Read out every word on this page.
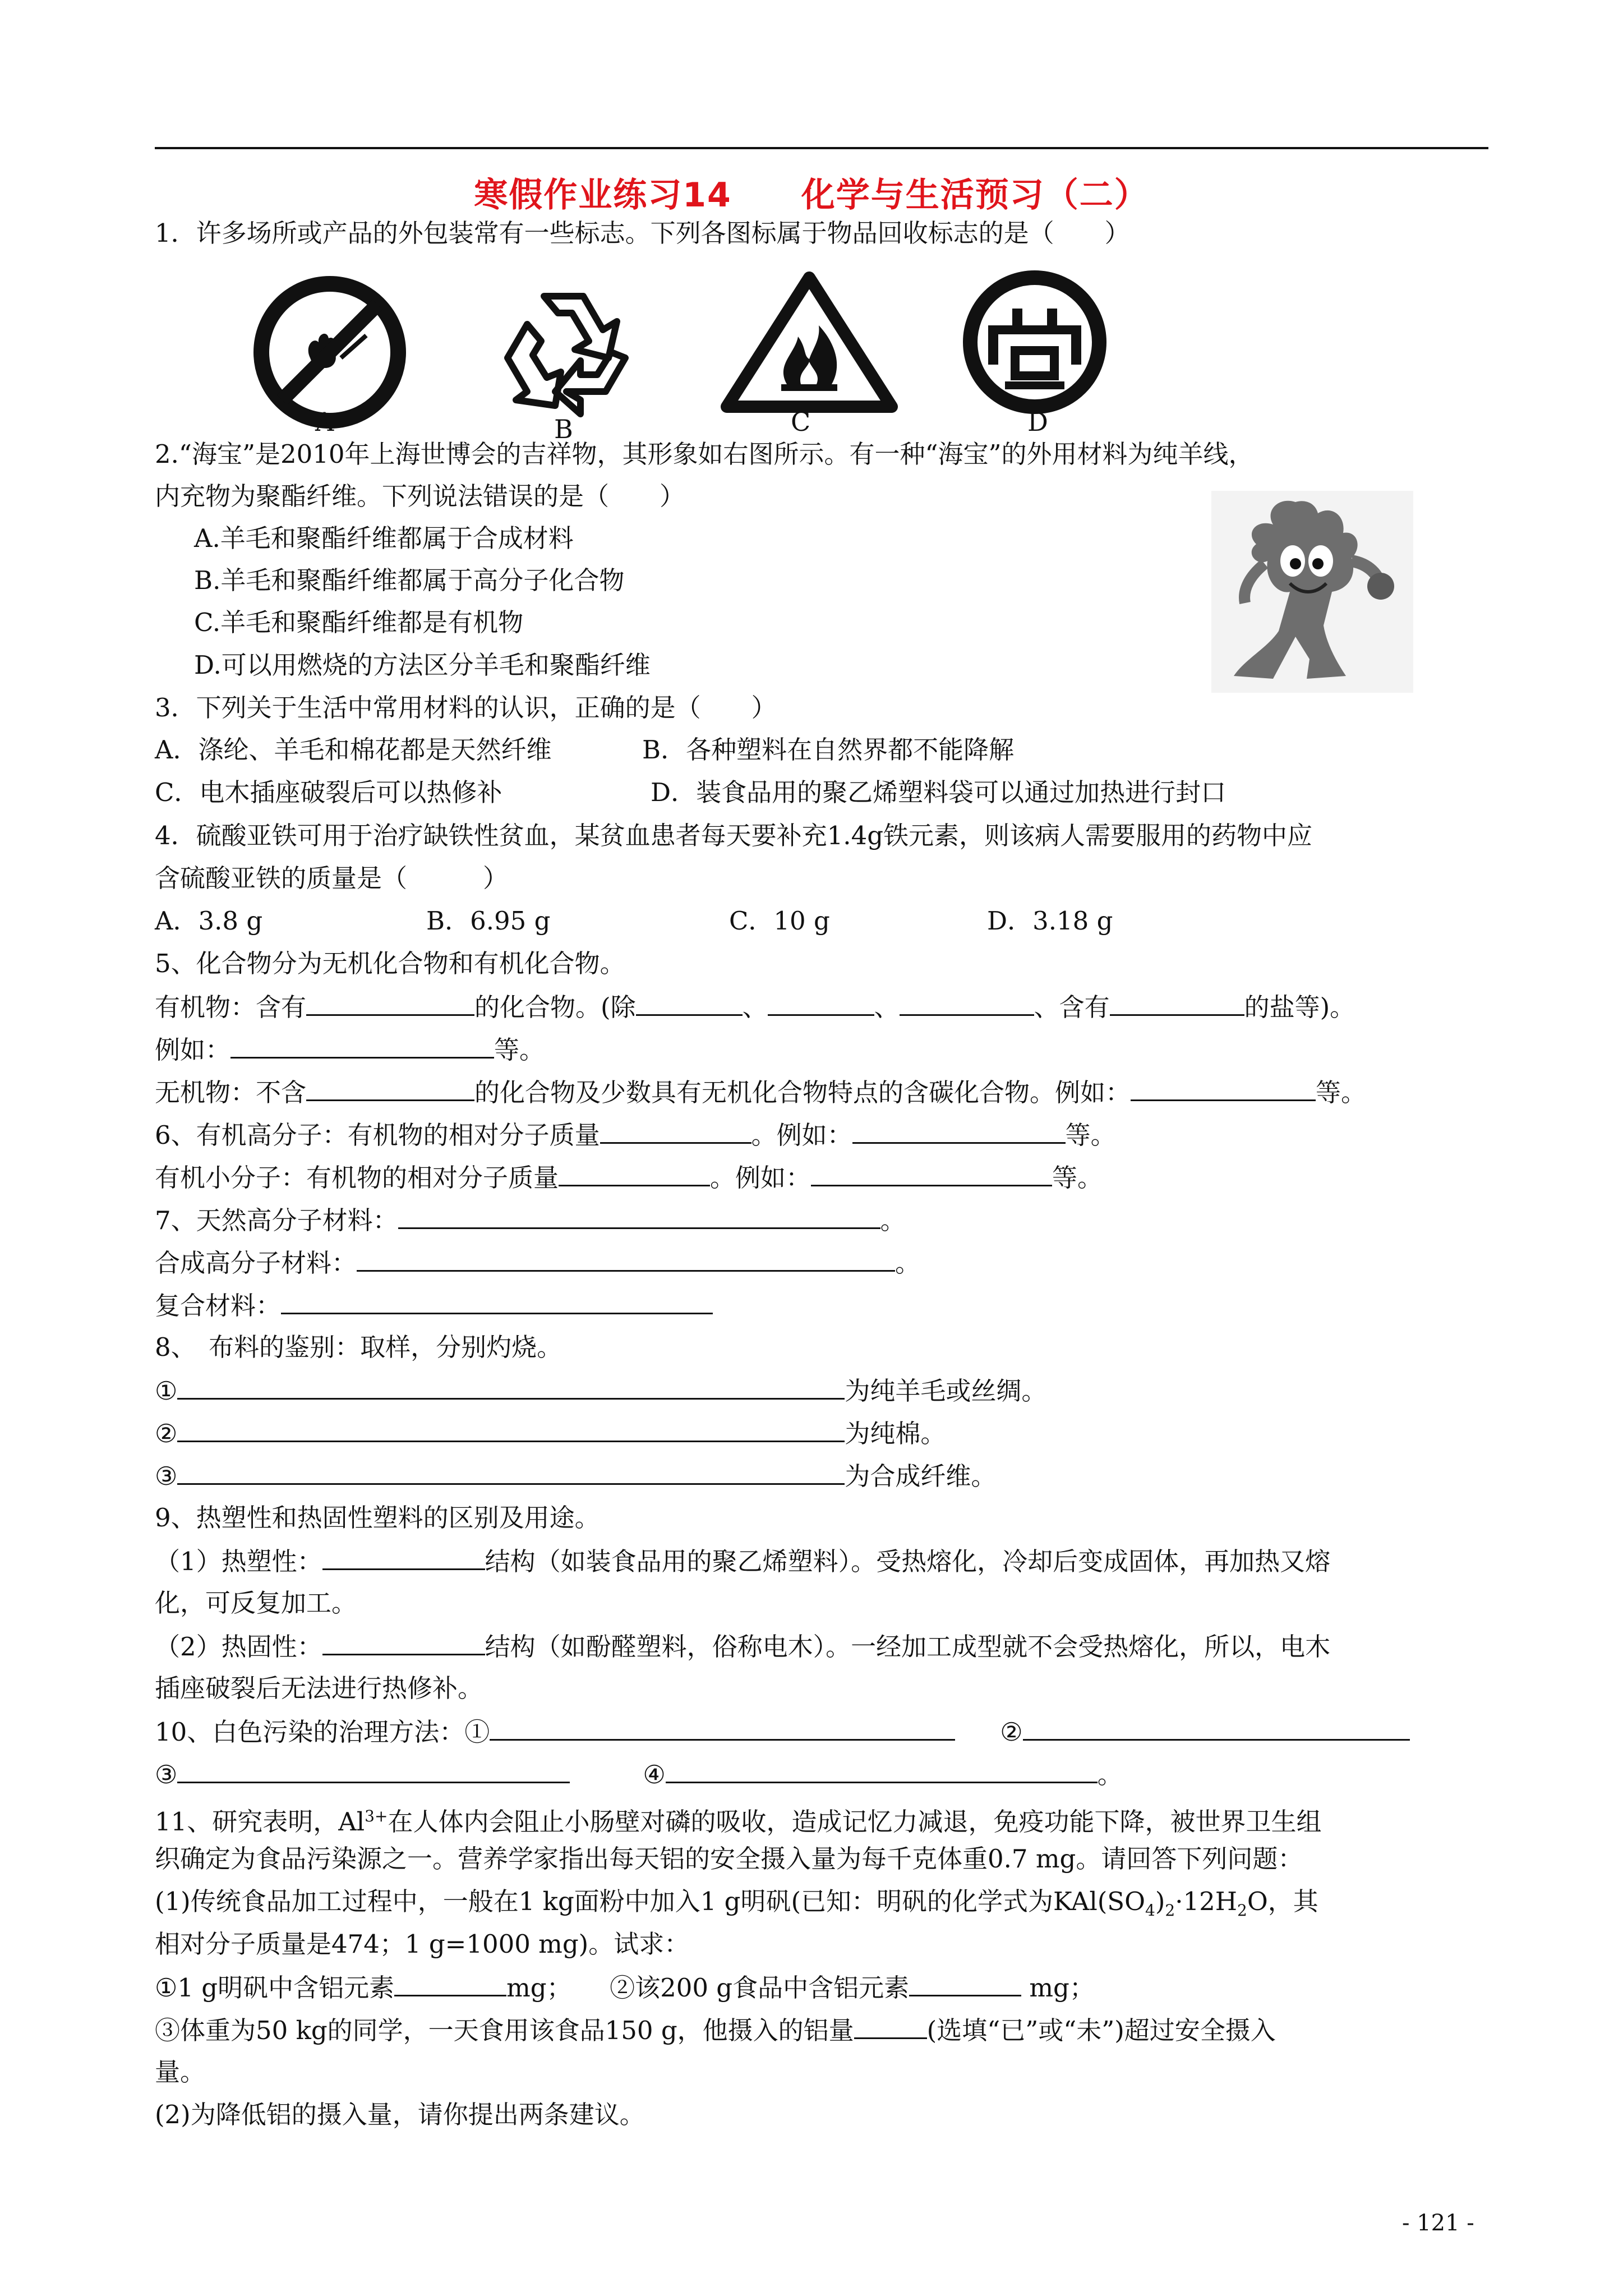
寒假作业练习14　　化学与生活预习（二）
1．许多场所或产品的外包装常有一些标志。下列各图标属于物品回收标志的是（　　）
A	B	C	D
2.“海宝”是2010年上海世博会的吉祥物，其形象如右图所示。有一种“海宝”的外用材料为纯羊线，
内充物为聚酯纤维。下列说法错误的是（　　）
A.羊毛和聚酯纤维都属于合成材料
B.羊毛和聚酯纤维都属于高分子化合物
C.羊毛和聚酯纤维都是有机物
D.可以用燃烧的方法区分羊毛和聚酯纤维
3．下列关于生活中常用材料的认识，正确的是（　　）
A．涤纶、羊毛和棉花都是天然纤维	B．各种塑料在自然界都不能降解
C．电木插座破裂后可以热修补	D．装食品用的聚乙烯塑料袋可以通过加热进行封口
4．硫酸亚铁可用于治疗缺铁性贫血，某贫血患者每天要补充1.4g铁元素，则该病人需要服用的药物中应
含硫酸亚铁的质量是（　　　）
A．3.8 g	B．6.95 g	C．10 g	D．3.18 g
5、化合物分为无机化合物和有机化合物。
有机物：含有	的化合物。(除	、	、	、含有	的盐等)。
例如：	等。
无机物：不含	的化合物及少数具有无机化合物特点的含碳化合物。例如：	等。
6、有机高分子：有机物的相对分子质量	。例如：	等。
有机小分子：有机物的相对分子质量	。例如：	等。
7、天然高分子材料：	。
合成高分子材料：	。
复合材料：
8、　布料的鉴别：取样，分别灼烧。
①	为纯羊毛或丝绸。
②	为纯棉。
③	为合成纤维。
9、热塑性和热固性塑料的区别及用途。
（1）热塑性：	结构（如装食品用的聚乙烯塑料）。受热熔化，冷却后变成固体，再加热又熔
化，可反复加工。
（2）热固性：	结构（如酚醛塑料，俗称电木）。一经加工成型就不会受热熔化，所以，电木
插座破裂后无法进行热修补。
10、白色污染的治理方法：①	②
③	④	。
11、研究表明，$Al^{3+}$在人体内会阻止小肠壁对磷的吸收，造成记忆力减退，免疫功能下降，被世界卫生组
织确定为食品污染源之一。营养学家指出每天铝的安全摄入量为每千克体重0.7 mg。请回答下列问题：
(1)传统食品加工过程中，一般在1 kg面粉中加入1 g明矾(已知：明矾的化学式为$KAl(SO_4)_2\cdot 12H_2O$，其
相对分子质量是474；1 g=1000 mg)。试求：
①1 g明矾中含铝元素	mg；　　②该200 g食品中含铝元素	mg；
③体重为50 kg的同学，一天食用该食品150 g，他摄入的铝量	(选填“已”或“未”)超过安全摄入
量。
(2)为降低铝的摄入量，请你提出两条建议。
- 121 -
